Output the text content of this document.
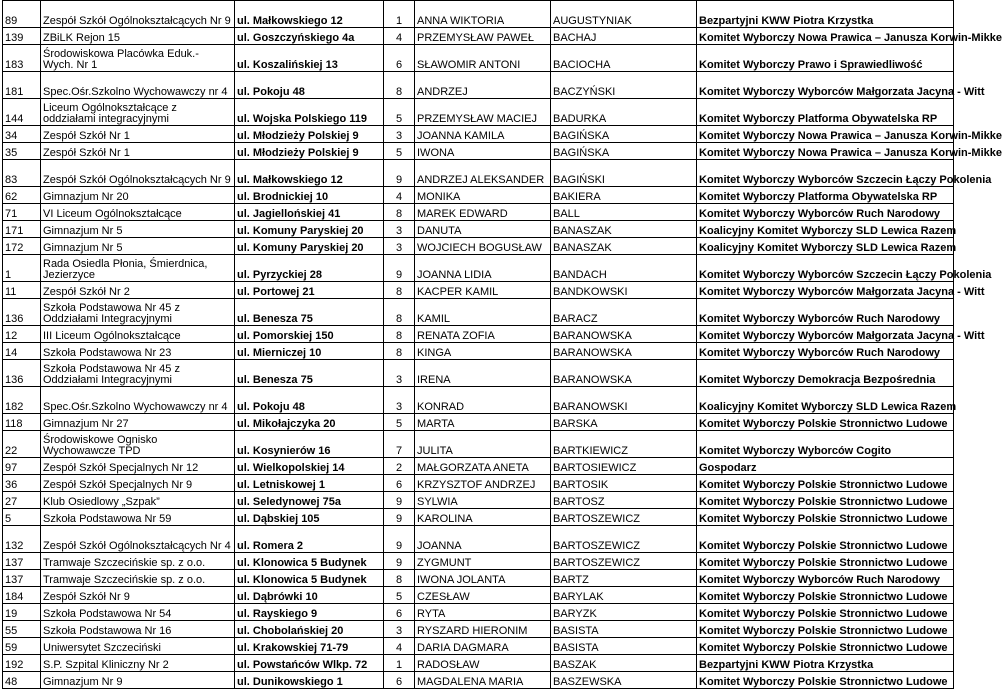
89	Zespół Szkół Ogólnokształcących Nr 9	ul. Małkowskiego 12	1	ANNA WIKTORIA	AUGUSTYNIAK	Bezpartyjni KWW Piotra Krzystka
139	ZBiLK Rejon 15	ul. Goszczyńskiego 4a	4	PRZEMYSŁAW PAWEŁ	BACHAJ	Komitet Wyborczy Nowa Prawica – Janusza Korwin-Mikke
183	Środowiskowa Placówka Eduk.- Wych. Nr 1	ul. Koszalińskiej 13	6	SŁAWOMIR ANTONI	BACIOCHA	Komitet Wyborczy Prawo i Sprawiedliwość
181	Spec.Ośr.Szkolno Wychowawczy nr 4	ul. Pokoju 48	8	ANDRZEJ	BACZYŃSKI	Komitet Wyborczy Wyborców Małgorzata Jacyna - Witt
144	Liceum Ogólnokształcące z oddziałami integracyjnymi	ul. Wojska Polskiego 119	5	PRZEMYSŁAW MACIEJ	BADURKA	Komitet Wyborczy Platforma Obywatelska RP
34	Zespół Szkół Nr 1	ul. Młodzieży Polskiej 9	3	JOANNA KAMILA	BAGIŃSKA	Komitet Wyborczy Nowa Prawica – Janusza Korwin-Mikke
35	Zespół Szkół Nr 1	ul. Młodzieży Polskiej 9	5	IWONA	BAGIŃSKA	Komitet Wyborczy Nowa Prawica – Janusza Korwin-Mikke
83	Zespół Szkół Ogólnokształcących Nr 9	ul. Małkowskiego 12	9	ANDRZEJ ALEKSANDER	BAGIŃSKI	Komitet Wyborczy Wyborców Szczecin Łączy Pokolenia
62	Gimnazjum Nr 20	ul. Brodnickiej 10	4	MONIKA	BAKIERA	Komitet Wyborczy Platforma Obywatelska RP
71	VI Liceum Ogólnokształcące	ul. Jagiellońskiej 41	8	MAREK EDWARD	BALL	Komitet Wyborczy Wyborców Ruch Narodowy
171	Gimnazjum Nr 5	ul. Komuny Paryskiej 20	3	DANUTA	BANASZAK	Koalicyjny Komitet Wyborczy SLD Lewica Razem
172	Gimnazjum Nr 5	ul. Komuny Paryskiej 20	3	WOJCIECH BOGUSŁAW	BANASZAK	Koalicyjny Komitet Wyborczy SLD Lewica Razem
1	Rada Osiedla Płonia, Śmierdnica, Jezierzyce	ul. Pyrzyckiej 28	9	JOANNA LIDIA	BANDACH	Komitet Wyborczy Wyborców Szczecin Łączy Pokolenia
11	Zespół Szkół Nr 2	ul. Portowej 21	8	KACPER KAMIL	BANDKOWSKI	Komitet Wyborczy Wyborców Małgorzata Jacyna - Witt
136	Szkoła Podstawowa Nr 45 z Oddziałami Integracyjnymi	ul. Benesza 75	8	KAMIL	BARACZ	Komitet Wyborczy Wyborców Ruch Narodowy
12	III Liceum Ogólnokształcące	ul. Pomorskiej 150	8	RENATA ZOFIA	BARANOWSKA	Komitet Wyborczy Wyborców Małgorzata Jacyna - Witt
14	Szkoła Podstawowa Nr 23	ul. Mierniczej 10	8	KINGA	BARANOWSKA	Komitet Wyborczy Wyborców Ruch Narodowy
136	Szkoła Podstawowa Nr 45 z Oddziałami Integracyjnymi	ul. Benesza 75	3	IRENA	BARANOWSKA	Komitet Wyborczy Demokracja Bezpośrednia
182	Spec.Ośr.Szkolno Wychowawczy nr 4	ul. Pokoju 48	3	KONRAD	BARANOWSKI	Koalicyjny Komitet Wyborczy SLD Lewica Razem
118	Gimnazjum Nr 27	ul. Mikołajczyka 20	5	MARTA	BARSKA	Komitet Wyborczy Polskie Stronnictwo Ludowe
22	Środowiskowe Ognisko Wychowawcze TPD	ul. Kosynierów 16	7	JULITA	BARTKIEWICZ	Komitet Wyborczy Wyborców Cogito
97	Zespół Szkół Specjalnych Nr 12	ul. Wielkopolskiej 14	2	MAŁGORZATA ANETA	BARTOSIEWICZ	Gospodarz
36	Zespół Szkół Specjalnych Nr 9	ul. Letniskowej 1	6	KRZYSZTOF ANDRZEJ	BARTOSIK	Komitet Wyborczy Polskie Stronnictwo Ludowe
27	Klub Osiedlowy „Szpak”	ul. Seledynowej 75a	9	SYLWIA	BARTOSZ	Komitet Wyborczy Polskie Stronnictwo Ludowe
5	Szkoła Podstawowa Nr 59	ul. Dąbskiej 105	9	KAROLINA	BARTOSZEWICZ	Komitet Wyborczy Polskie Stronnictwo Ludowe
132	Zespół Szkół Ogólnokształcących Nr 4	ul. Romera 2	9	JOANNA	BARTOSZEWICZ	Komitet Wyborczy Polskie Stronnictwo Ludowe
137	Tramwaje Szczecińskie sp. z o.o.	ul. Klonowica 5 Budynek	9	ZYGMUNT	BARTOSZEWICZ	Komitet Wyborczy Polskie Stronnictwo Ludowe
137	Tramwaje Szczecińskie sp. z o.o.	ul. Klonowica 5 Budynek	8	IWONA JOLANTA	BARTZ	Komitet Wyborczy Wyborców Ruch Narodowy
184	Zespół Szkół Nr 9	ul. Dąbrówki 10	5	CZESŁAW	BARYLAK	Komitet Wyborczy Polskie Stronnictwo Ludowe
19	Szkoła Podstawowa Nr 54	ul. Rayskiego 9	6	RYTA	BARYZK	Komitet Wyborczy Polskie Stronnictwo Ludowe
55	Szkoła Podstawowa Nr 16	ul. Chobolańskiej 20	3	RYSZARD HIERONIM	BASISTA	Komitet Wyborczy Polskie Stronnictwo Ludowe
59	Uniwersytet Szczeciński	ul. Krakowskiej 71-79	4	DARIA DAGMARA	BASISTA	Komitet Wyborczy Polskie Stronnictwo Ludowe
192	S.P. Szpital Kliniczny Nr 2	ul. Powstańców Wlkp. 72	1	RADOSŁAW	BASZAK	Bezpartyjni KWW Piotra Krzystka
48	Gimnazjum Nr 9	ul. Dunikowskiego 1	6	MAGDALENA MARIA	BASZEWSKA	Komitet Wyborczy Polskie Stronnictwo Ludowe
